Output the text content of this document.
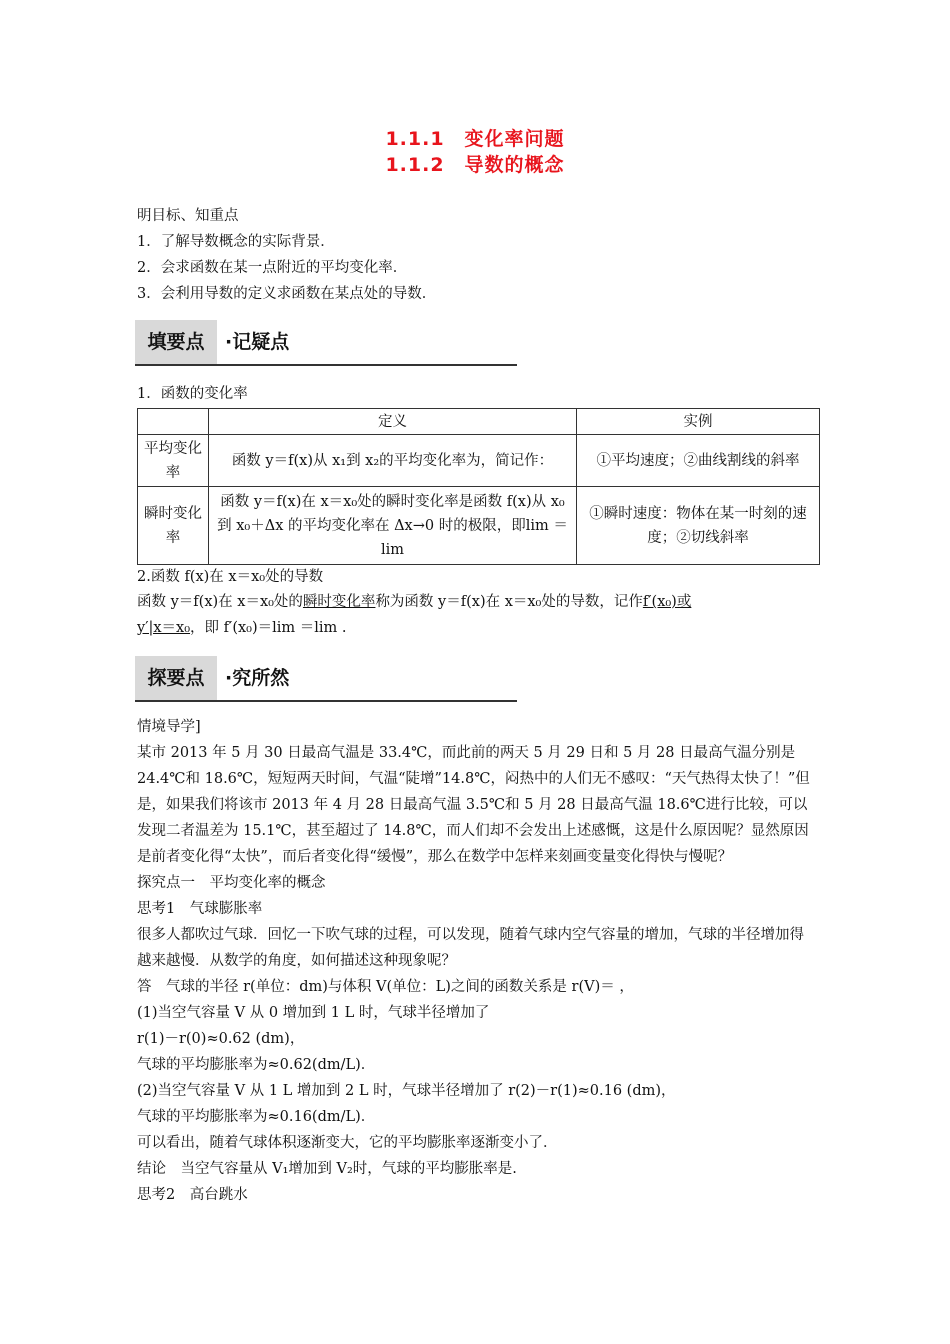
1.1.1　变化率问题
1.1.2　导数的概念
明目标、知重点
1．了解导数概念的实际背景．
2．会求函数在某一点附近的平均变化率．
3．会利用导数的定义求函数在某点处的导数．
填要点	·记疑点
1．函数的变化率
	定义	实例
平均变化率	函数 y＝f(x)从 x₁到 x₂的平均变化率为，简记作：	①平均速度；②曲线割线的斜率
瞬时变化率	函数 y＝f(x)在 x＝x₀处的瞬时变化率是函数 f(x)从 x₀到 x₀＋Δx 的平均变化率在 Δx→0 时的极限，即lim ＝lim	①瞬时速度：物体在某一时刻的速度；②切线斜率
2.函数 f(x)在 x＝x₀处的导数
函数 y＝f(x)在 x＝x₀处的瞬时变化率称为函数 y＝f(x)在 x＝x₀处的导数，记作f′(x₀)或
y′|x＝x₀，即 f′(x₀)＝lim ＝lim .
探要点	·究所然

情境导学]

某市 2013 年 5 月 30 日最高气温是 33.4℃，而此前的两天 5 月 29 日和 5 月 28 日最高气温分别是 24.4℃和 18.6℃，短短两天时间，气温“陡增”14.8℃，闷热中的人们无不感叹：“天气热得太快了！”但是，如果我们将该市 2013 年 4 月 28 日最高气温 3.5℃和 5 月 28 日最高气温 18.6℃进行比较，可以发现二者温差为 15.1℃，甚至超过了 14.8℃，而人们却不会发出上述感慨，这是什么原因呢？显然原因是前者变化得“太快”，而后者变化得“缓慢”，那么在数学中怎样来刻画变量变化得快与慢呢？

探究点一　平均变化率的概念

思考1　气球膨胀率

很多人都吹过气球．回忆一下吹气球的过程，可以发现，随着气球内空气容量的增加，气球的半径增加得越来越慢．从数学的角度，如何描述这种现象呢？

答　气球的半径 r(单位：dm)与体积 V(单位：L)之间的函数关系是 r(V)＝ ，

(1)当空气容量 V 从 0 增加到 1 L 时，气球半径增加了

r(1)－r(0)≈0.62 (dm)，

气球的平均膨胀率为≈0.62(dm/L)．

(2)当空气容量 V 从 1 L 增加到 2 L 时，气球半径增加了 r(2)－r(1)≈0.16 (dm)，

气球的平均膨胀率为≈0.16(dm/L)．

可以看出，随着气球体积逐渐变大，它的平均膨胀率逐渐变小了．

结论　当空气容量从 V₁增加到 V₂时，气球的平均膨胀率是.

思考2　高台跳水
